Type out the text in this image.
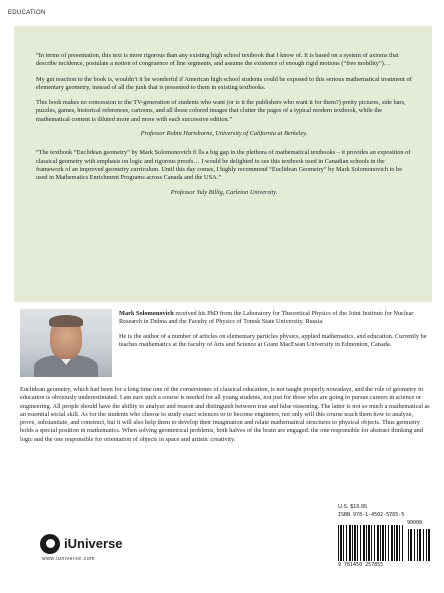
EDUCATION

“In terms of presentation, this text is more rigorous than any existing high school textbook that I know of. It is based on a system of axioms that describe incidence, postulate a notion of congruence of line segments, and assume the existence of enough rigid motions (“free mobility”)…

My gut reaction to the book is, wouldn’t it be wonderful if American high school students could be exposed to this serious mathematical treatment of elementary geometry, instead of all the junk that is presented to them in existing textbooks.

This book makes no concession to the TV-generation of students who want (or is it the publishers who want it for them?) pretty pictures, side bars, puzzles, games, historical references, cartoons, and all those colored images that clutter the pages of a typical modern textbook, while the mathematical content is diluted more and more with each successive edition.”

Professor Robin Hartshorne, University of California at Berkeley.

“The textbook “Euclidean geometry” by Mark Solomonovich fi lls a big gap in the plethora of mathematical textbooks – it provides an exposition of classical geometry with emphasis on logic and rigorous proofs… I would be delighted to see this textbook used in Canadian schools in the framework of an improved geometry curriculum. Until this day comes, I highly recommend “Euclidean Geometry” by Mark Solomonovich to be used in Mathematics Enrichment Programs across Canada and the USA.”

Professor Yuly Billig, Carleton University.

Mark Solomonovich received his PhD from the Laboratory for Theoretical Physics of the Joint Institute for Nuclear Research in Dubna and the Faculty of Physics of Tomsk State University, Russia.

He is the author of a number of articles on elementary particles physics, applied mathematics, and education. Currently he teaches mathematics at the faculty of Arts and Science at Grant MacEwan University in Edmonton, Canada.

Euclidean geometry, which had been for a long time one of the cornerstones of classical education, is not taught properly nowadays, and the role of geometry in education is obviously underestimated. I am sure such a course is needed for all young students, not just for those who are going to pursue careers in science or engineering. All people should have the ability to analyze and reason and distinguish between true and false reasoning. The latter is not so much a mathematical as an essential social skill. As for the students who choose to study exact sciences or to become engineers, not only will this course teach them how to analyze, prove, substantiate, and construct, but it will also help them to develop their imagination and relate mathematical structures to physical objects. Thus geometry holds a special position in mathematics. When solving geometrical problems, both halves of the brain are engaged: the one responsible for abstract thinking and logic and the one responsible for orientation of objects in space and artistic creativity.
iUniverse
www.iuniverse.com
U.S. $16.95
ISBN 978-1-4502-5785-5
9 781450 257855
90000
